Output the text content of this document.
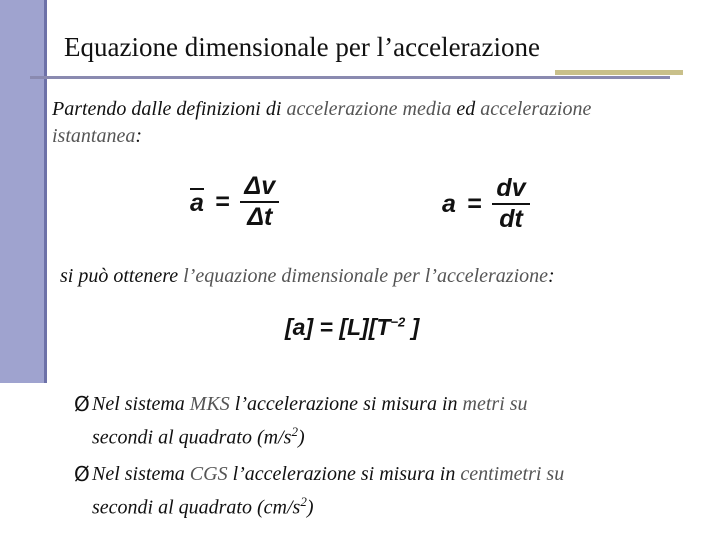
Equazione dimensionale per l’accelerazione
Partendo dalle definizioni di accelerazione media ed accelerazione
istantanea:
$a = \frac{\Delta v}{\Delta t}$	$a = \frac{dv}{dt}$
si può ottenere l’equazione dimensionale per l’accelerazione:
$[a] = [L][T^{-2}$ ]
Ø Nel sistema MKS l’accelerazione si misura in metri su
secondi al quadrato $(m/s^2)$
Ø Nel sistema CGS l’accelerazione si misura in centimetri su
secondi al quadrato $(cm/s^2)$
